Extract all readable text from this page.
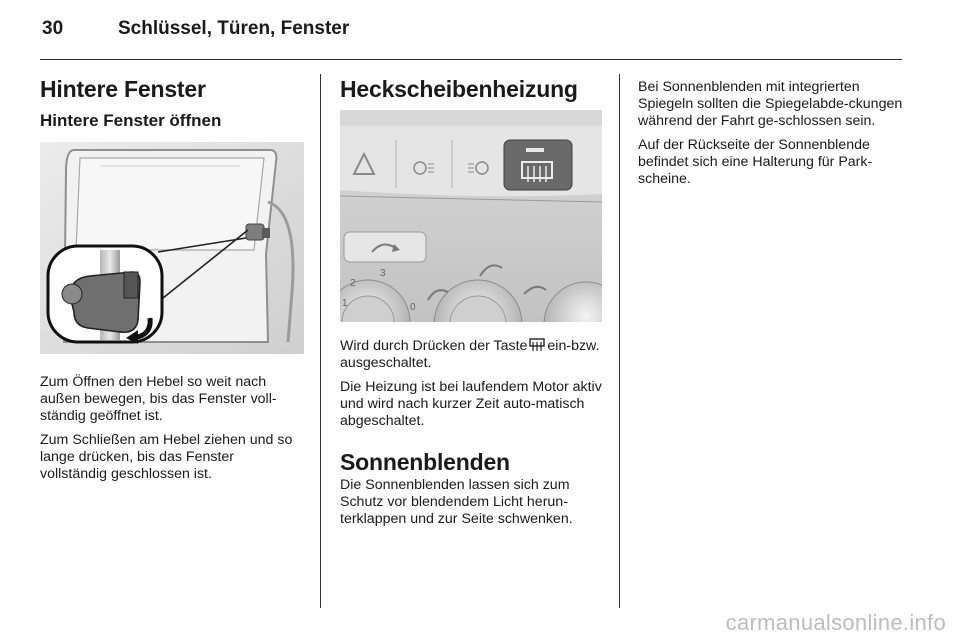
30	Schlüssel, Türen, Fenster
Hintere Fenster
Hintere Fenster öffnen

Zum Öffnen den Hebel so weit nach außen bewegen, bis das Fenster voll-ständig geöffnet ist.

Zum Schließen am Hebel ziehen und so lange drücken, bis das Fenster vollständig geschlossen ist.

Heckscheibenheizung
2
3
1	0

Wird durch Drücken der Taste ein-bzw. ausgeschaltet.

Die Heizung ist bei laufendem Motor aktiv und wird nach kurzer Zeit auto-matisch abgeschaltet.

Sonnenblenden

Die Sonnenblenden lassen sich zum Schutz vor blendendem Licht herun-terklappen und zur Seite schwenken.

Bei Sonnenblenden mit integrierten Spiegeln sollten die Spiegelabde-ckungen während der Fahrt ge-schlossen sein.

Auf der Rückseite der Sonnenblende befindet sich eine Halterung für Park-scheine.

carmanualsonline.info
